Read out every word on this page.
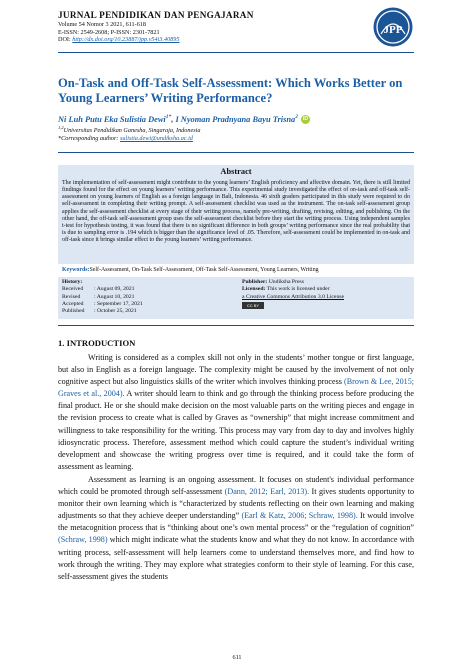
JURNAL PENDIDIKAN DAN PENGAJARAN
Volume 54 Nomor 3 2021, 611-618
E-ISSN: 2549-2608; P-ISSN: 2301-7821
DOI: http://dx.doi.org/10.23887/jpp.v54i3.40895
JPP
On-Task and Off-Task Self-Assessment: Which Works Better on Young Learners’ Writing Performance?
Ni Luh Putu Eka Sulistia Dewi$^{1*}$, I Nyoman Pradnyana Bayu Trisna$^2$ iD
$^{1,2}$Universitas Pendidikan Ganesha, Singaraja, Indonesia
*Corresponding author: sulistia.dewi@undiksha.ac.id
Abstract
The implementation of self-assessment might contribute to the young learners’ English proficiency and affective domain. Yet, there is still limited findings found for the effect on young learners’ writing performance. This experimental study investigated the effect of on-task and off-task self-assessment on young learners of English as a foreign language in Bali, Indonesia. 46 sixth graders participated in this study were required to do self-assessment in completing their writing prompt. A self-assessment checklist was used as the instrument. The on-task self-assessment group applies the self-assessment checklist at every stage of their writing process, namely pre-writing, drafting, revising, editing, and publishing. On the other hand, the off-task self-assessment group uses the self-assessment checklist before they start the writing process. Using independent samples t-test for hypothesis testing, it was found that there is no significant difference in both groups’ writing performance since the real probability that is due to sampling error is .194 which is bigger than the significance level of .05. Therefore, self-assessment could be implemented in on-task and off-task since it brings similar effect to the young learners’ writing performance.
Keywords:Self-Assessment, On-Task Self-Assessment, Off-Task Self-Assessment, Young Learners, Writing
History:
Received : August 09, 2021
Revised : August 10, 2021
Accepted : September 17, 2021
Published : October 25, 2021
Publisher: Undiksha Press
Licensed: This work is licensed under
a Creative Commons Attribution 3.0 License
CC BY
1. INTRODUCTION

Writing is considered as a complex skill not only in the students’ mother tongue or first language, but also in English as a foreign language. The complexity might be caused by the involvement of not only cognitive aspect but also linguistics skills of the writer which involves thinking process (Brown & Lee, 2015; Graves et al., 2004). A writer should learn to think and go through the thinking process before producing the final product. He or she should make decision on the most valuable parts on the writing pieces and engage in the revision process to create what is called by Graves as “ownership” that might increase commitment and willingness to take responsibility for the writing. This process may vary from day to day and involves highly idiosyncratic process. Therefore, assessment method which could capture the student’s individual writing development and showcase the writing progress over time is required, and it could take the form of assessment as learning.

Assessment as learning is an ongoing assessment. It focuses on student's individual performance which could be promoted through self-assessment (Dann, 2012; Earl, 2013). It gives students opportunity to monitor their own learning which is “characterized by students reflecting on their own learning and making adjustments so that they achieve deeper understanding” (Earl & Katz, 2006; Schraw, 1998). It would involve the metacognition process that is “thinking about one’s own mental process” or the “regulation of cognition” (Schraw, 1998) which might indicate what the students know and what they do not know. In accordance with writing process, self-assessment will help learners come to understand themselves more, and find how to work through the writing. They may explore what strategies conform to their style of learning. For this case, self-assessment gives the students

611
